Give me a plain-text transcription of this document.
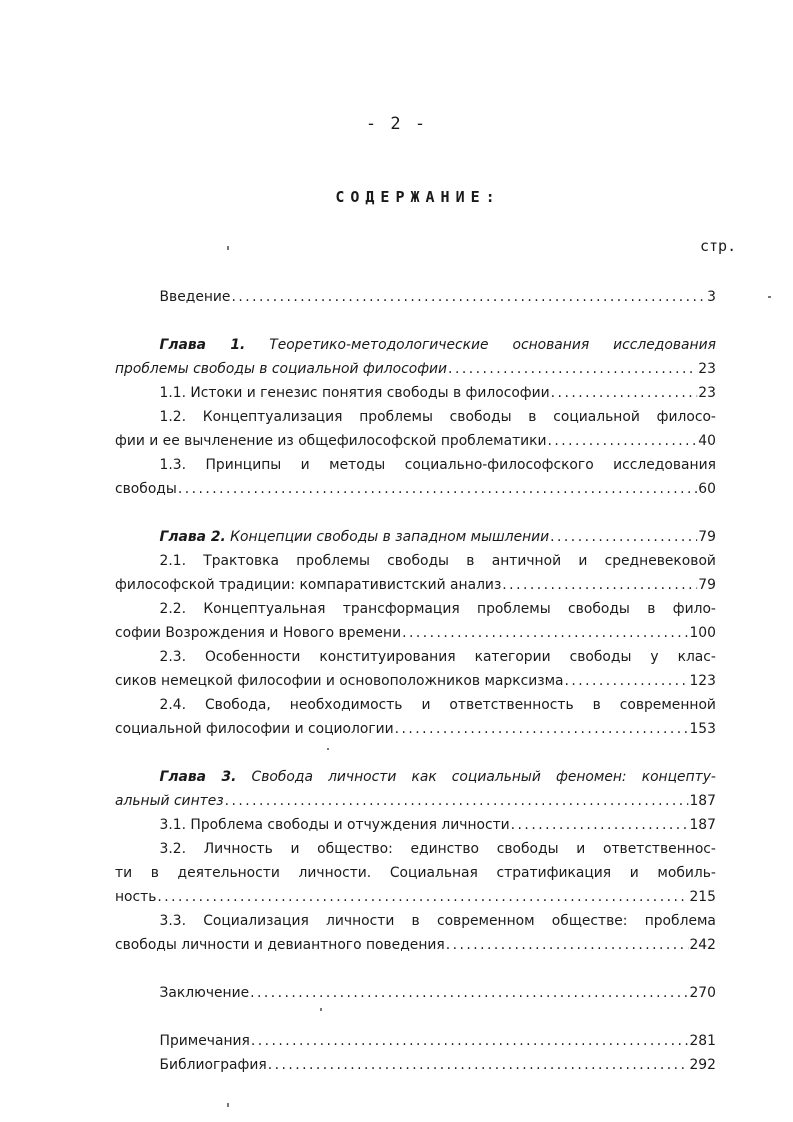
- 2 -
СОДЕРЖАНИЕ:
стр.
Введение .....	3
Глава 1. Теоретико-методологические основания исследования
проблемы свободы в социальной философии .....	23
1.1. Истоки и генезис понятия свободы в философии .....	23
1.2. Концептуализация проблемы свободы в социальной филосо-
фии и ее вычленение из общефилософской проблематики .....	40
1.3. Принципы и методы социально-философского исследования
свободы .....	60
Глава 2. Концепции свободы в западном мышлении .....	79
2.1. Трактовка проблемы свободы в античной и средневековой
философской традиции: компаративистский анализ .....	79
2.2. Концептуальная трансформация проблемы свободы в фило-
софии Возрождения и Нового времени .....	100
2.3. Особенности конституирования категории свободы у клас-
сиков немецкой философии и основоположников марксизма .....	123
2.4. Свобода, необходимость и ответственность в современной
социальной философии и социологии .....	153
Глава 3. Свобода личности как социальный феномен: концепту-
альный синтез .....	187
3.1. Проблема свободы и отчуждения личности .....	187
3.2. Личность и общество: единство свободы и ответственнос-
ти в деятельности личности. Социальная стратификация и мобиль-
ность .....	215
3.3. Социализация личности в современном обществе: проблема
свободы личности и девиантного поведения .....	242
Заключение .....	270
Примечания .....	281
Библиография .....	292
